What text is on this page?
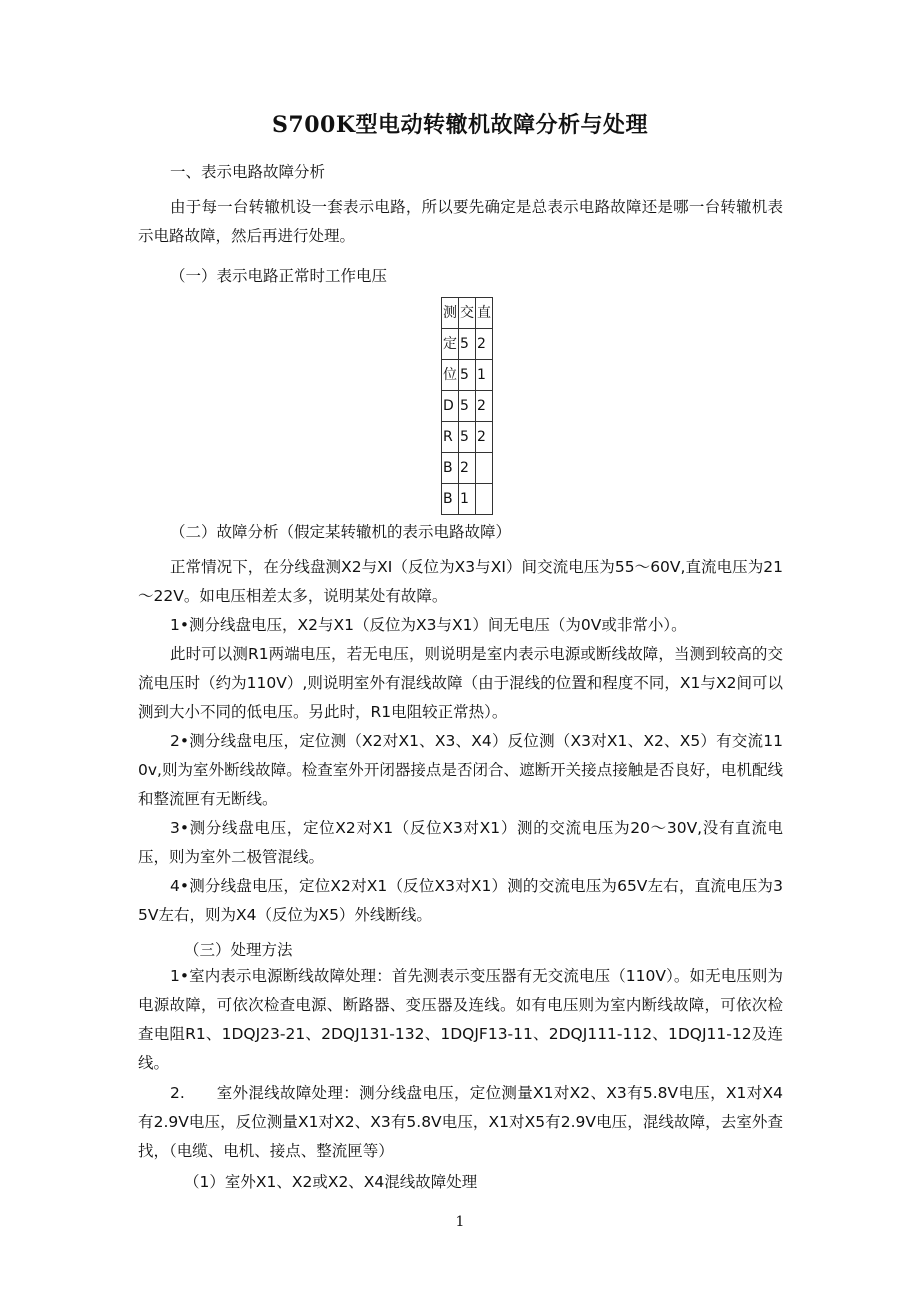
S700K型电动转辙机故障分析与处理
一、表示电路故障分析
由于每一台转辙机设一套表示电路，所以要先确定是总表示电路故障还是哪一台转辙机表示电路故障，然后再进行处理。
（一）表示电路正常时工作电压
测	交	直
定	5	2
位	5	1
D	5	2
R	5	2
B	2	
B	1	
（二）故障分析（假定某转辙机的表示电路故障）
正常情况下，在分线盘测X2与XI（反位为X3与XI）间交流电压为55～60V,直流电压为21～22V。如电压相差太多，说明某处有故障。
1•测分线盘电压，X2与X1（反位为X3与X1）间无电压（为0V或非常小）。
此时可以测R1两端电压，若无电压，则说明是室内表示电源或断线故障，当测到较高的交流电压时（约为110V）,则说明室外有混线故障（由于混线的位置和程度不同，X1与X2间可以测到大小不同的低电压。另此时，R1电阻较正常热）。
2•测分线盘电压，定位测（X2对X1、X3、X4）反位测（X3对X1、X2、X5）有交流110v,则为室外断线故障。检查室外开闭器接点是否闭合、遮断开关接点接触是否良好，电机配线和整流匣有无断线。
3•测分线盘电压，定位X2对X1（反位X3对X1）测的交流电压为20～30V,没有直流电压，则为室外二极管混线。
4•测分线盘电压，定位X2对X1（反位X3对X1）测的交流电压为65V左右，直流电压为35V左右，则为X4（反位为X5）外线断线。
（三）处理方法
1•室内表示电源断线故障处理：首先测表示变压器有无交流电压（110V）。如无电压则为电源故障，可依次检查电源、断路器、变压器及连线。如有电压则为室内断线故障，可依次检查电阻R1、1DQJ23-21、2DQJ131-132、1DQJF13-11、2DQJ111-112、1DQJ11-12及连线。
2.　　室外混线故障处理：测分线盘电压，定位测量X1对X2、X3有5.8V电压，X1对X4有2.9V电压，反位测量X1对X2、X3有5.8V电压，X1对X5有2.9V电压，混线故障，去室外查找，（电缆、电机、接点、整流匣等）
（1）室外X1、X2或X2、X4混线故障处理
1
